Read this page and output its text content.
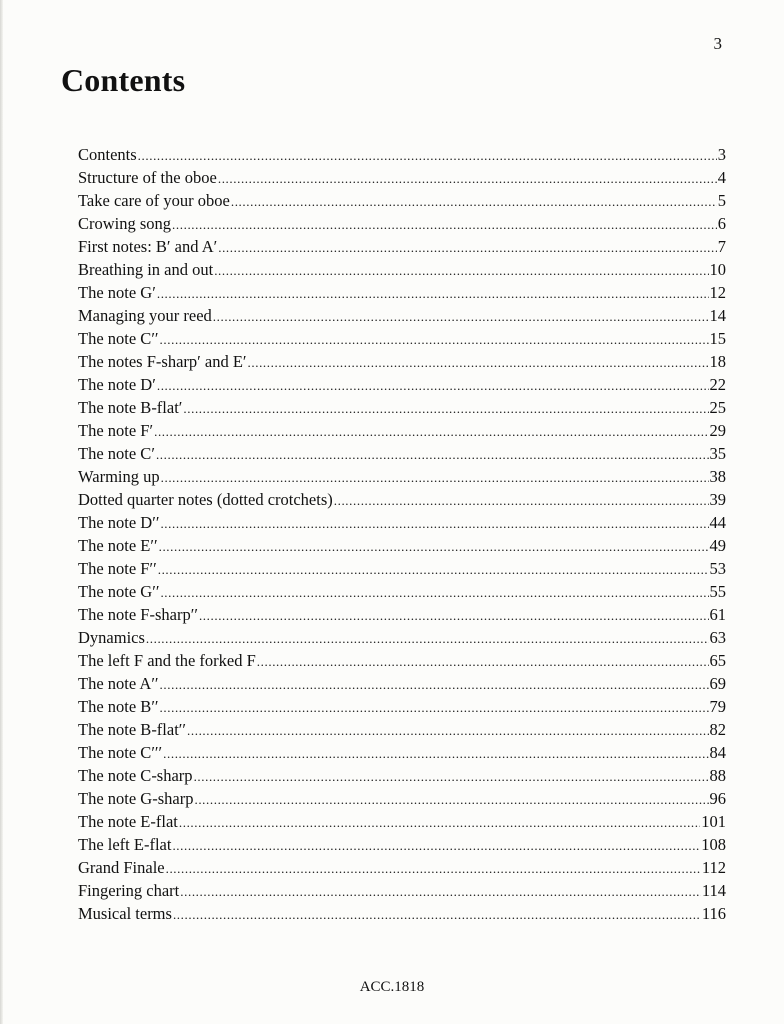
3
Contents
Contents .....	3
Structure of the oboe .....	4
Take care of your oboe .....	5
Crowing song .....	6
First notes: B′ and A′ .....	7
Breathing in and out .....	10
The note G′ .....	12
Managing your reed .....	14
The note C′′ .....	15
The notes F-sharp′ and E′ .....	18
The note D′ .....	22
The note B-flat′ .....	25
The note F′ .....	29
The note C′ .....	35
Warming up .....	38
Dotted quarter notes (dotted crotchets) .....	39
The note D′′ .....	44
The note E′′ .....	49
The note F′′ .....	53
The note G′′ .....	55
The note F-sharp′′ .....	61
Dynamics .....	63
The left F and the forked F .....	65
The note A′′ .....	69
The note B′′ .....	79
The note B-flat′′ .....	82
The note C′′′ .....	84
The note C-sharp .....	88
The note G-sharp .....	96
The note E-flat .....	101
The left E-flat .....	108
Grand Finale .....	112
Fingering chart .....	114
Musical terms .....	116
ACC.1818
